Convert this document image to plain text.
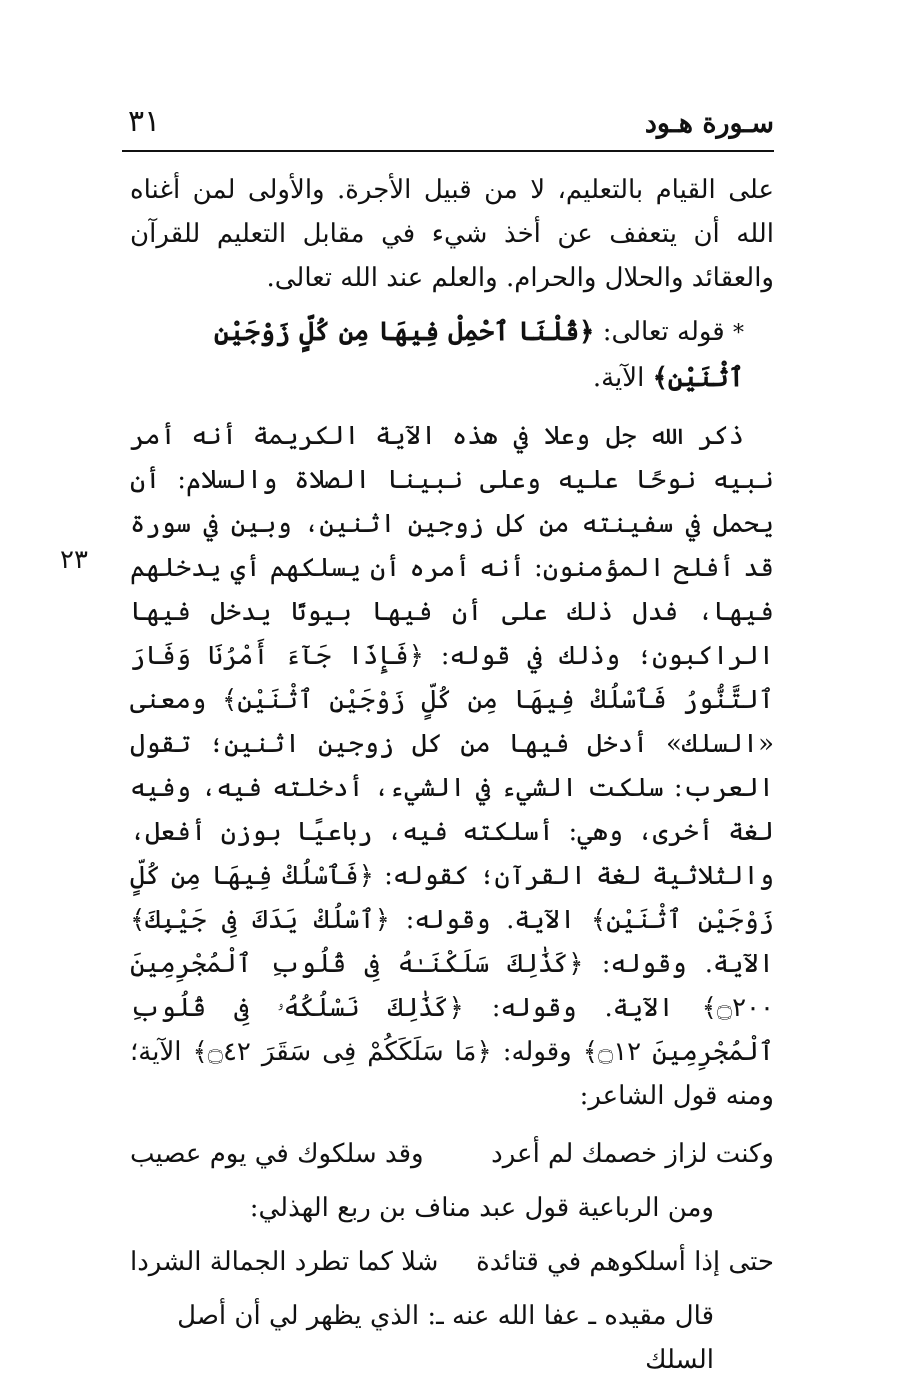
سـورة هـود
٣١
٢٣

على القيام بالتعليم، لا من قبيل الأجرة. والأولى لمن أغناه الله أن يتعفف عن أخذ شيء في مقابل التعليم للقرآن والعقائد والحلال والحرام. والعلم عند الله تعالى.

* قوله تعالى: ﴿قُلْنَا ٱحْمِلْ فِيهَا مِن كُلٍّ زَوْجَيْنِ ٱثْنَيْنِ﴾ الآية.

ذكر الله جل وعلا في هذه الآية الكريمة أنه أمر نبيه نوحًا عليه وعلى نبينا الصلاة والسلام: أن يحمل في سفينته من كل زوجين اثنين، وبين في سورة قد أفلح المؤمنون: أنه أمره أن يسلكهم أي يدخلهم فيها، فدل ذلك على أن فيها بيوتًا يدخل فيها الراكبون؛ وذلك في قوله: ﴿فَإِذَا جَآءَ أَمْرُنَا وَفَارَ ٱلتَّنُّورُ فَٱسْلُكْ فِيهَا مِن كُلٍّ زَوْجَيْنِ ٱثْنَيْنِ﴾ ومعنى «السلك» أدخل فيها من كل زوجين اثنين؛ تقول العرب: سلكت الشيء في الشيء، أدخلته فيه، وفيه لغة أخرى، وهي: أسلكته فيه، رباعيًا بوزن أفعل، والثلاثية لغة القرآن؛ كقوله: ﴿فَٱسْلُكْ فِيهَا مِن كُلٍّ زَوْجَيْنِ ٱثْنَيْنِ﴾ الآية. وقوله: ﴿ٱسْلُكْ يَدَكَ فِى جَيْبِكَ﴾ الآية. وقوله: ﴿كَذَٰلِكَ سَلَكْنَـٰهُ فِى قُلُوبِ ٱلْمُجْرِمِينَ ۝٢٠٠﴾ الآية. وقوله: ﴿كَذَٰلِكَ نَسْلُكُهُۥ فِى قُلُوبِ ٱلْمُجْرِمِينَ ۝١٢﴾ وقوله: ﴿مَا سَلَكَكُمْ فِى سَقَرَ ۝٤٢﴾ الآية؛ ومنه قول الشاعر:

وكنت لزاز خصمك لم أعرد
وقد سلكوك في يوم عصيب

ومن الرباعية قول عبد مناف بن ربع الهذلي:

حتى إذا أسلكوهم في قتائدة
شلا كما تطرد الجمالة الشردا

قال مقيده ـ عفا الله عنه ـ: الذي يظهر لي أن أصل السلك
